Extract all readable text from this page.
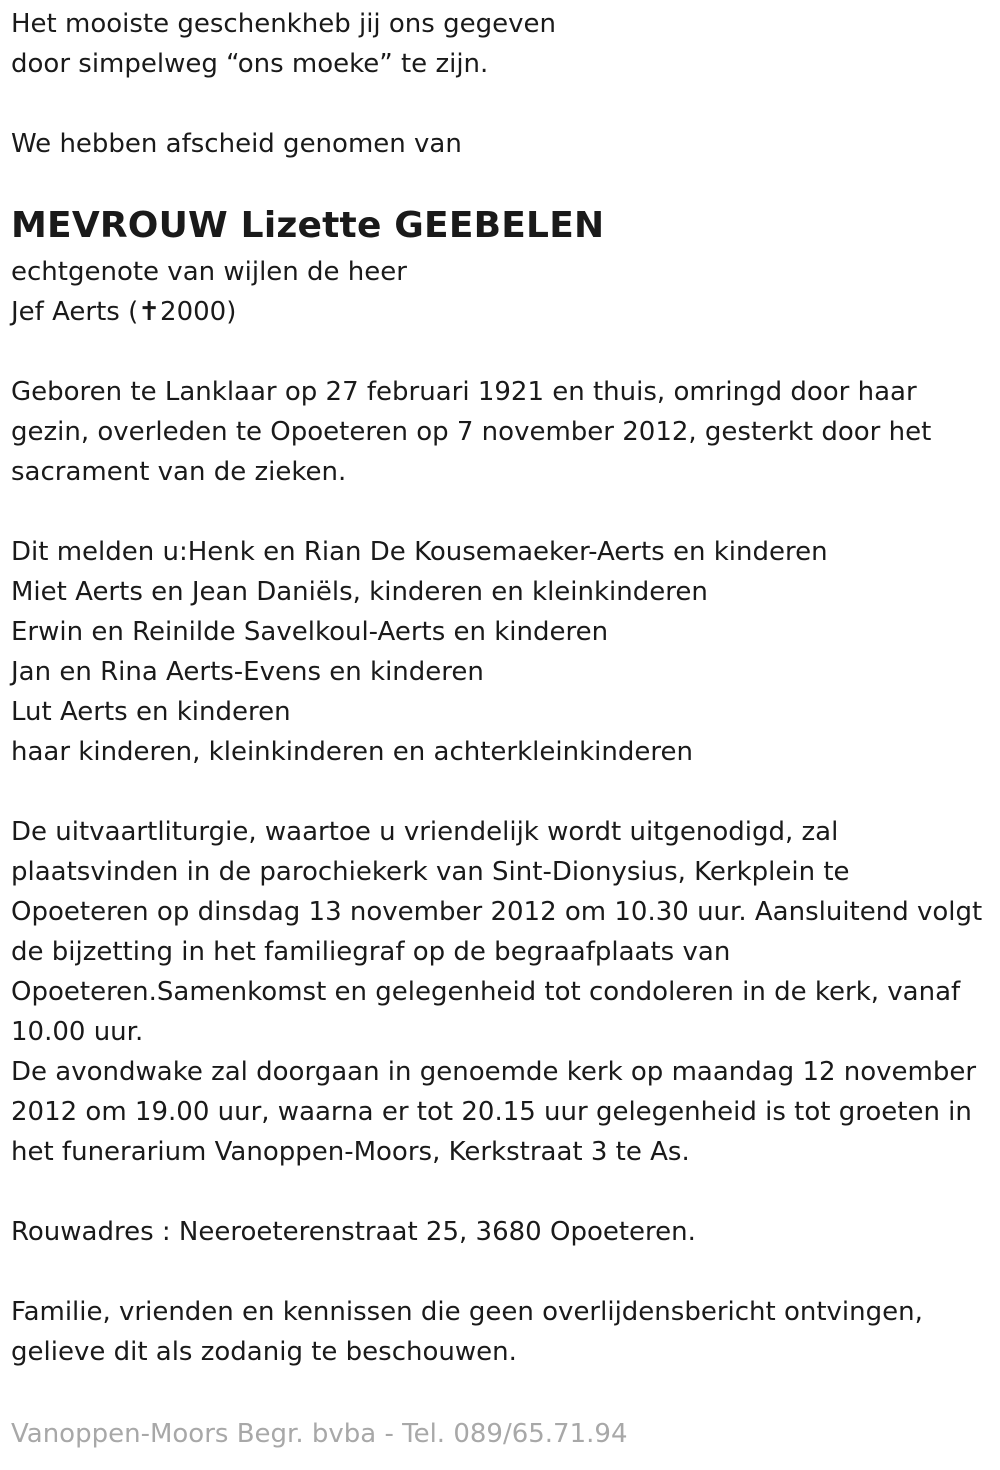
Het mooiste geschenkheb jij ons gegeven

door simpelweg “ons moeke” te zijn.

We hebben afscheid genomen van

MEVROUW Lizette GEEBELEN

echtgenote van wijlen de heer

Jef Aerts (✝2000)

Geboren te Lanklaar op 27 februari 1921 en thuis, omringd door haar

gezin, overleden te Opoeteren op 7 november 2012, gesterkt door het

sacrament van de zieken.

Dit melden u:Henk en Rian De Kousemaeker-Aerts en kinderen

Miet Aerts en Jean Daniëls, kinderen en kleinkinderen

Erwin en Reinilde Savelkoul-Aerts en kinderen

Jan en Rina Aerts-Evens en kinderen

Lut Aerts en kinderen

haar kinderen, kleinkinderen en achterkleinkinderen

De uitvaartliturgie, waartoe u vriendelijk wordt uitgenodigd, zal

plaatsvinden in de parochiekerk van Sint-Dionysius, Kerkplein te

Opoeteren op dinsdag 13 november 2012 om 10.30 uur. Aansluitend volgt

de bijzetting in het familiegraf op de begraafplaats van

Opoeteren.Samenkomst en gelegenheid tot condoleren in de kerk, vanaf

10.00 uur.

De avondwake zal doorgaan in genoemde kerk op maandag 12 november

2012 om 19.00 uur, waarna er tot 20.15 uur gelegenheid is tot groeten in

het funerarium Vanoppen-Moors, Kerkstraat 3 te As.

Rouwadres : Neeroeterenstraat 25, 3680 Opoeteren.

Familie, vrienden en kennissen die geen overlijdensbericht ontvingen,

gelieve dit als zodanig te beschouwen.

Vanoppen-Moors Begr. bvba - Tel. 089/65.71.94
